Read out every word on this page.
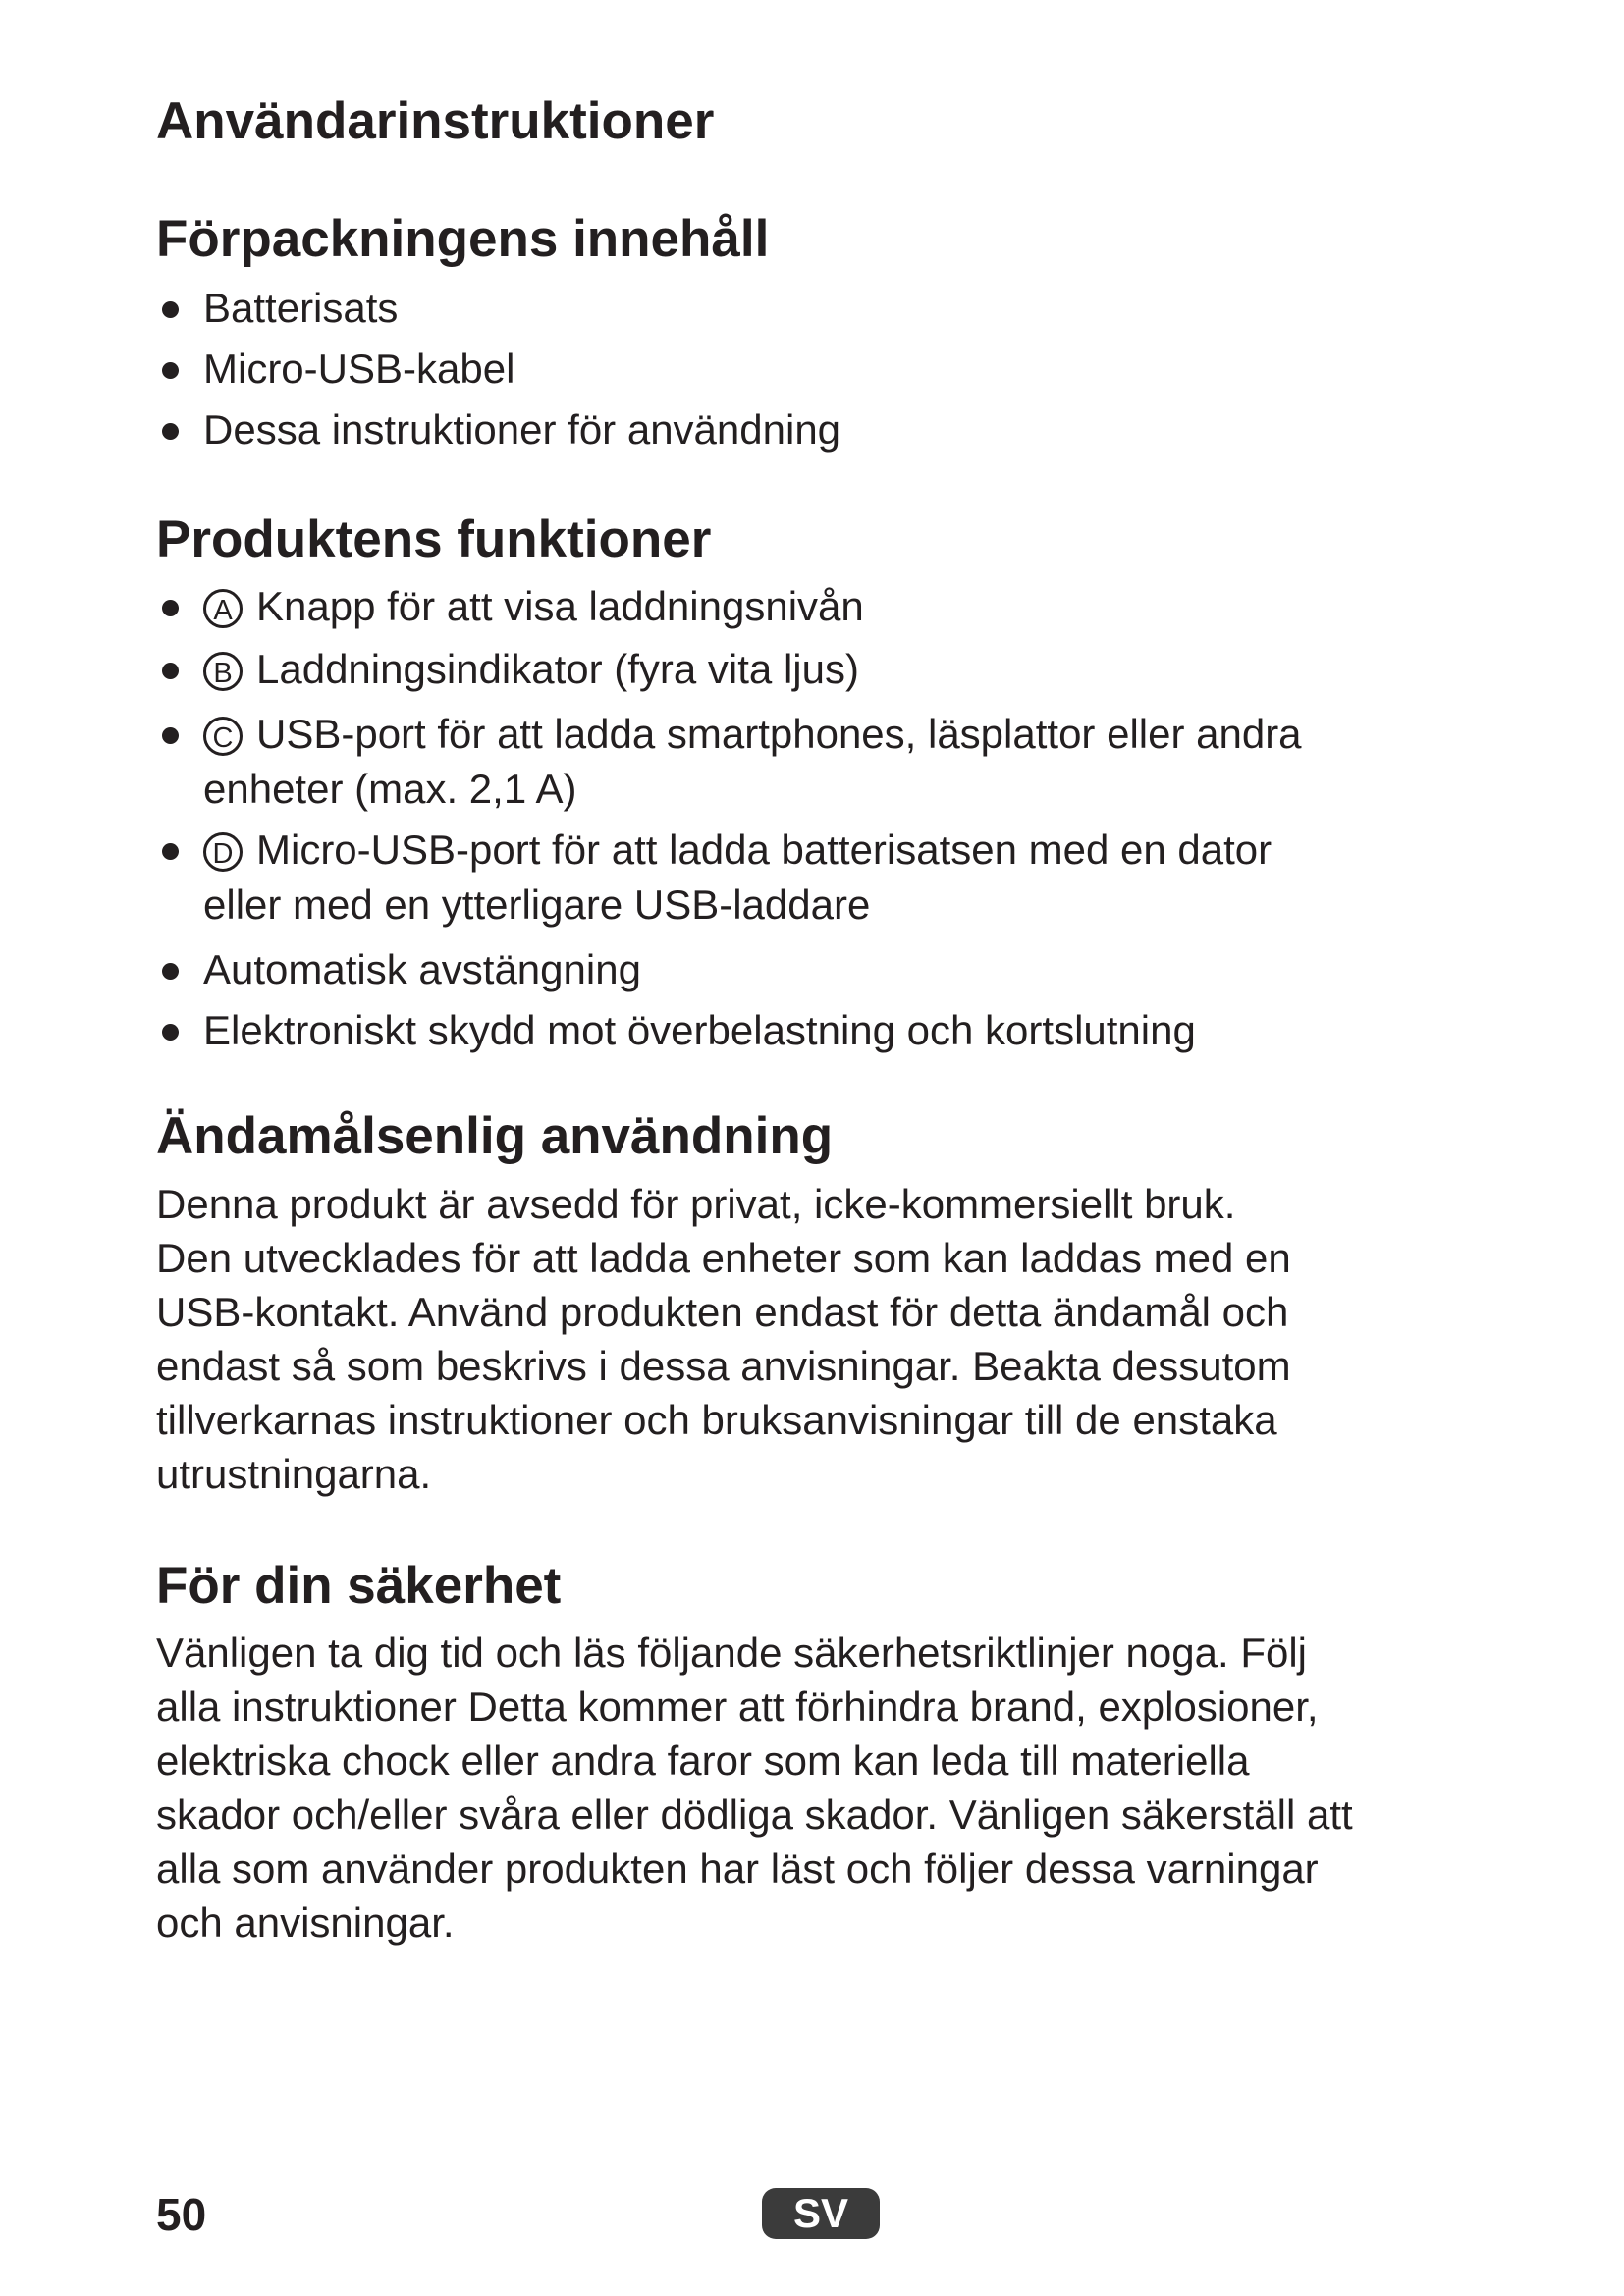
Användarinstruktioner
Förpackningens innehåll
Batterisats
Micro-USB-kabel
Dessa instruktioner för användning
Produktens funktioner
A Knapp för att visa laddningsnivån
B Laddningsindikator (fyra vita ljus)
C USB-port för att ladda smartphones, läsplattor eller andra
enheter (max. 2,1 A)
D Micro-USB-port för att ladda batterisatsen med en dator
eller med en ytterligare USB-laddare
Automatisk avstängning
Elektroniskt skydd mot överbelastning och kortslutning
Ändamålsenlig användning

Denna produkt är avsedd för privat, icke-kommersiellt bruk.
Den utvecklades för att ladda enheter som kan laddas med en
USB-kontakt. Använd produkten endast för detta ändamål och
endast så som beskrivs i dessa anvisningar. Beakta dessutom
tillverkarnas instruktioner och bruksanvisningar till de enstaka
utrustningarna.

För din säkerhet

Vänligen ta dig tid och läs följande säkerhetsriktlinjer noga. Följ
alla instruktioner Detta kommer att förhindra brand, explosioner,
elektriska chock eller andra faror som kan leda till materiella
skador och/eller svåra eller dödliga skador. Vänligen säkerställ att
alla som använder produkten har läst och följer dessa varningar
och anvisningar.

50	SV
